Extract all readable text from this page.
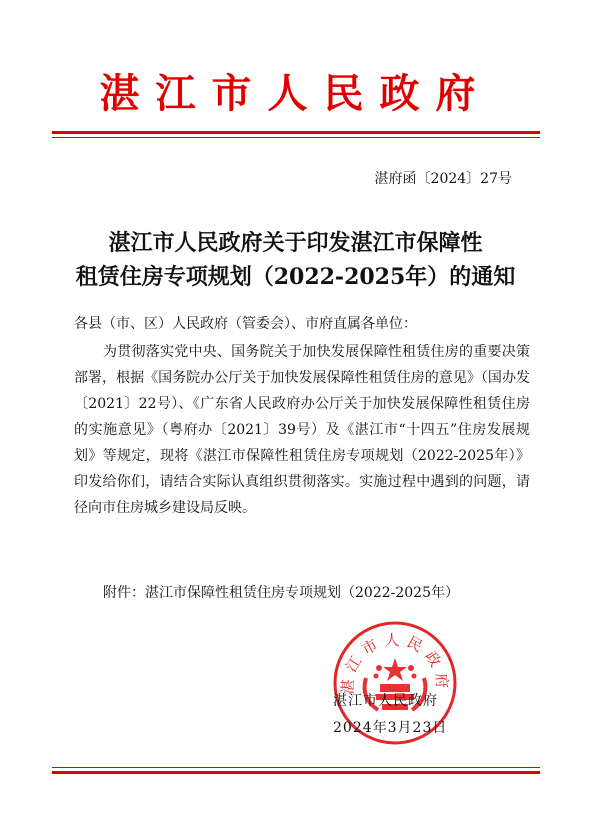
湛江市人民政府
湛府函〔2024〕27号
湛江市人民政府关于印发湛江市保障性
租赁住房专项规划（2022-2025年）的通知
各县（市、区）人民政府（管委会）、市府直属各单位：
为贯彻落实党中央、国务院关于加快发展保障性租赁住房的重要决策部署，根据《国务院办公厅关于加快发展保障性租赁住房的意见》（国办发〔2021〕22号）、《广东省人民政府办公厅关于加快发展保障性租赁住房的实施意见》（粤府办〔2021〕39号）及《湛江市“十四五”住房发展规划》等规定，现将《湛江市保障性租赁住房专项规划（2022-2025年）》印发给你们，请结合实际认真组织贯彻落实。实施过程中遇到的问题，请径向市住房城乡建设局反映。
附件：湛江市保障性租赁住房专项规划（2022-2025年）
湛江市人民政府
湛江市人民政府
2024年3月23日
